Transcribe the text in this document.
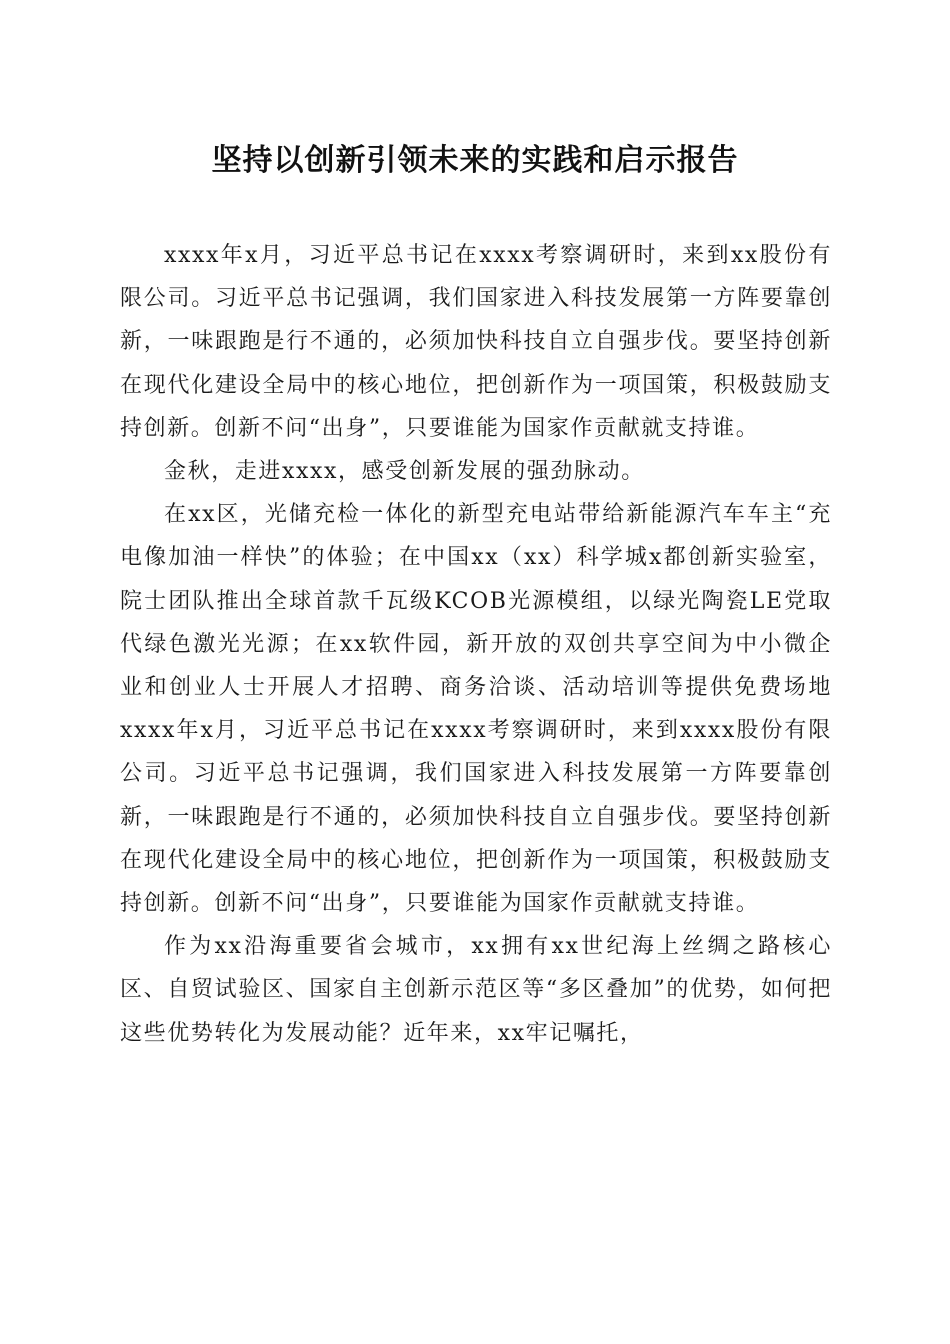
坚持以创新引领未来的实践和启示报告

xxxx年x月，习近平总书记在xxxx考察调研时，来到xx股份有限公司。习近平总书记强调，我们国家进入科技发展第一方阵要靠创新，一味跟跑是行不通的，必须加快科技自立自强步伐。要坚持创新在现代化建设全局中的核心地位，把创新作为一项国策，积极鼓励支持创新。创新不问“出身”，只要谁能为国家作贡献就支持谁。

金秋，走进xxxx，感受创新发展的强劲脉动。

在xx区，光储充检一体化的新型充电站带给新能源汽车车主“充电像加油一样快”的体验；在中国xx（xx）科学城x都创新实验室，院士团队推出全球首款千瓦级KCOB光源模组，以绿光陶瓷LE党取代绿色激光光源；在xx软件园，新开放的双创共享空间为中小微企业和创业人士开展人才招聘、商务洽谈、活动培训等提供免费场地xxxx年x月，习近平总书记在xxxx考察调研时，来到xxxx股份有限公司。习近平总书记强调，我们国家进入科技发展第一方阵要靠创新，一味跟跑是行不通的，必须加快科技自立自强步伐。要坚持创新在现代化建设全局中的核心地位，把创新作为一项国策，积极鼓励支持创新。创新不问“出身”，只要谁能为国家作贡献就支持谁。

作为xx沿海重要省会城市，xx拥有xx世纪海上丝绸之路核心区、自贸试验区、国家自主创新示范区等“多区叠加”的优势，如何把这些优势转化为发展动能？近年来，xx牢记嘱托，
